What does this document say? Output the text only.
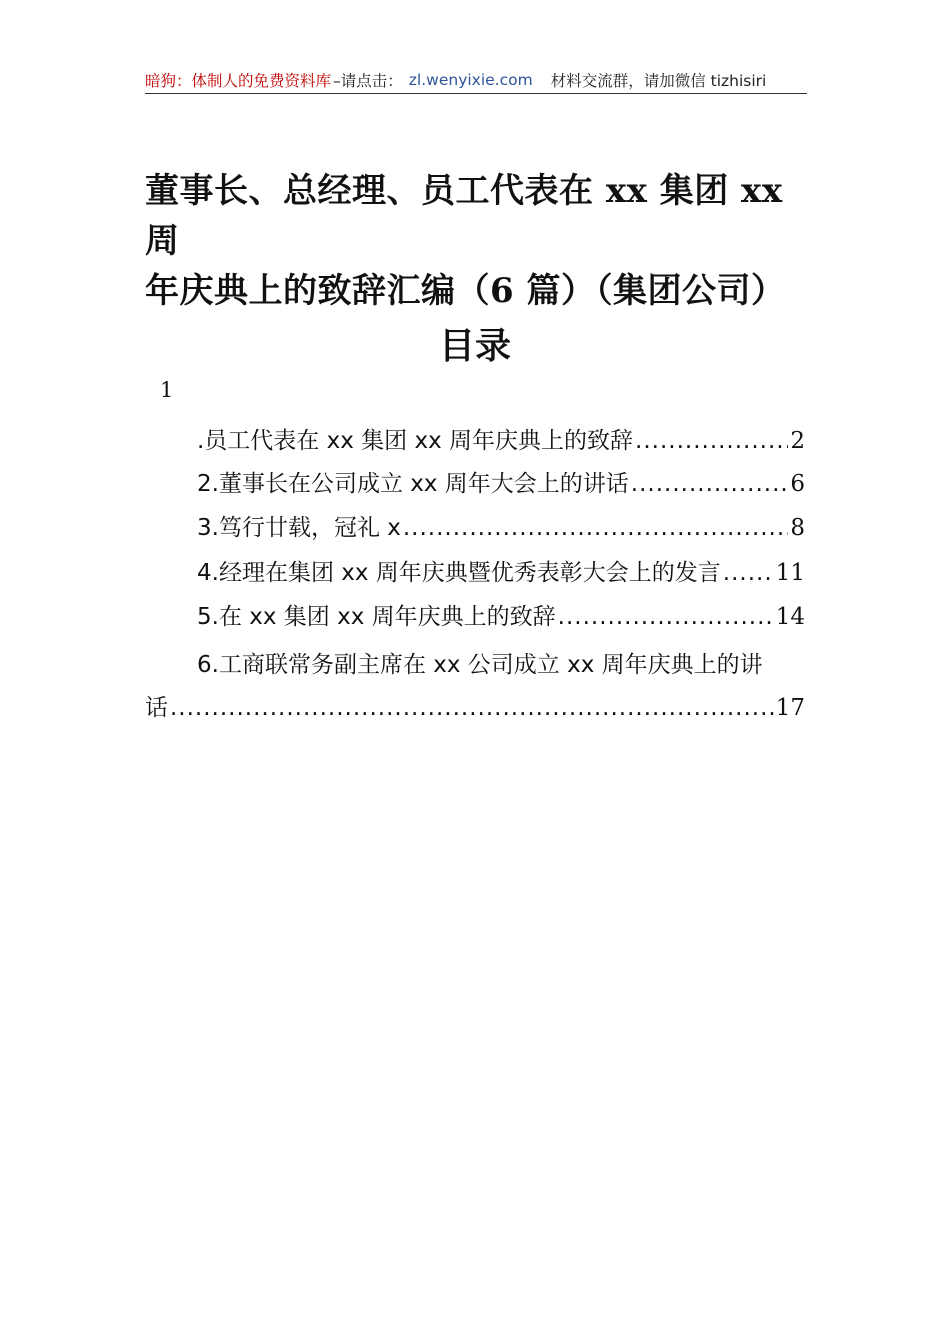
暗狗：体制人的免费资料库 –请点击： zl.wenyixie.com 材料交流群，请加微信 tizhisiri
董事长、总经理、员工代表在 xx 集团 xx 周
年庆典上的致辞汇编（6 篇）（集团公司）
目录
1
.员工代表在 xx 集团 xx 周年庆典上的致辞 .....	2
2.董事长在公司成立 xx 周年大会上的讲话 .....	6
3.笃行廿载，冠礼 x .....	8
4.经理在集团 xx 周年庆典暨优秀表彰大会上的发言 ..... 11
5.在 xx 集团 xx 周年庆典上的致辞 .....	14
6.工商联常务副主席在 xx 公司成立 xx 周年庆典上的讲
话 .....	17
